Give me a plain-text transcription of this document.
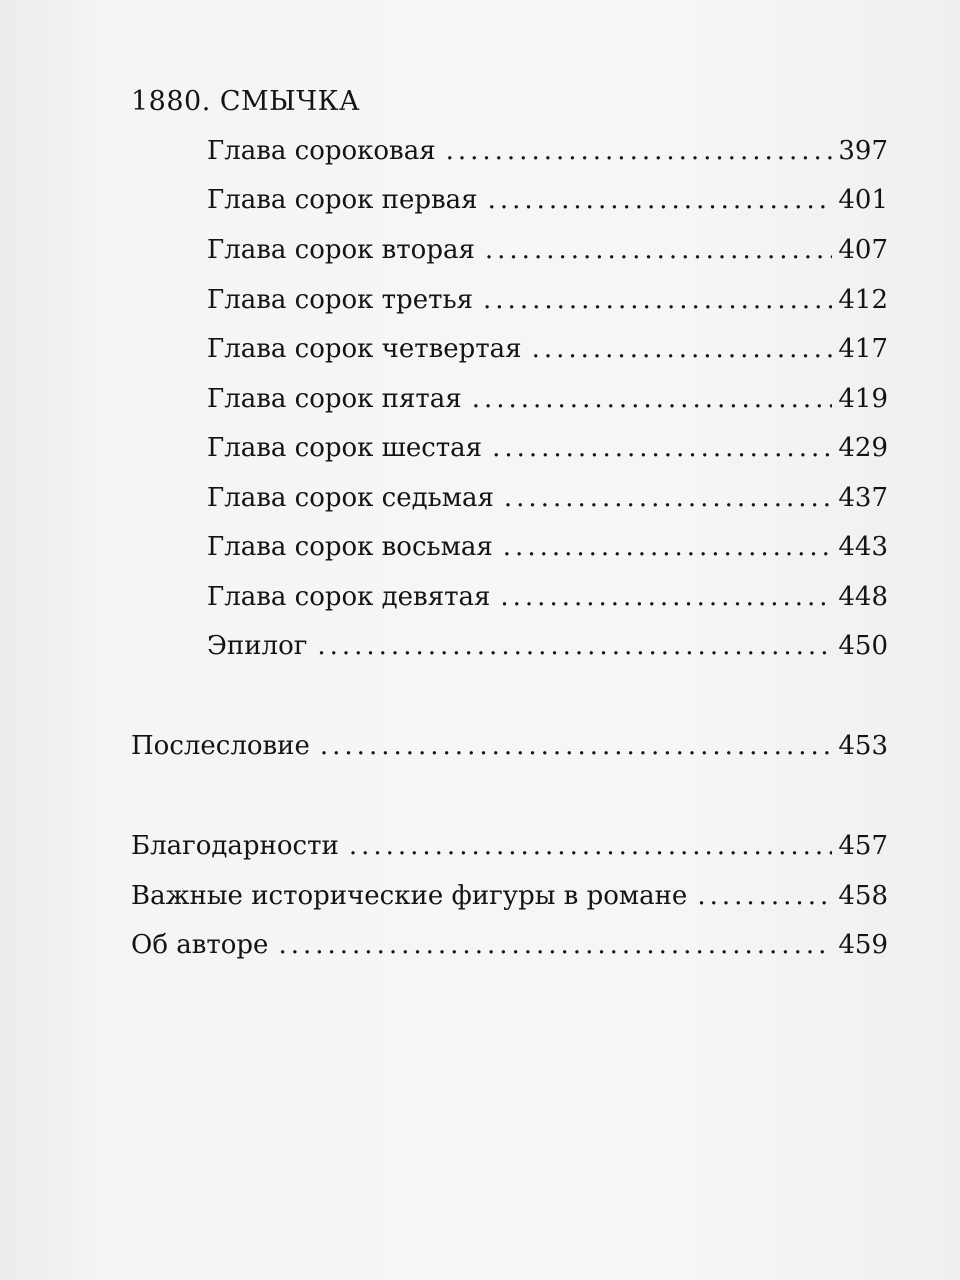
1880. СМЫЧКА
Глава сороковая .....	397
Глава сорок первая .....	401
Глава сорок вторая .....	407
Глава сорок третья .....	412
Глава сорок четвертая .....	417
Глава сорок пятая .....	419
Глава сорок шестая .....	429
Глава сорок седьмая .....	437
Глава сорок восьмая .....	443
Глава сорок девятая .....	448
Эпилог .....	450
Послесловие .....	453
Благодарности .....	457
Важные исторические фигуры в романе .....	458
Об авторе .....	459
